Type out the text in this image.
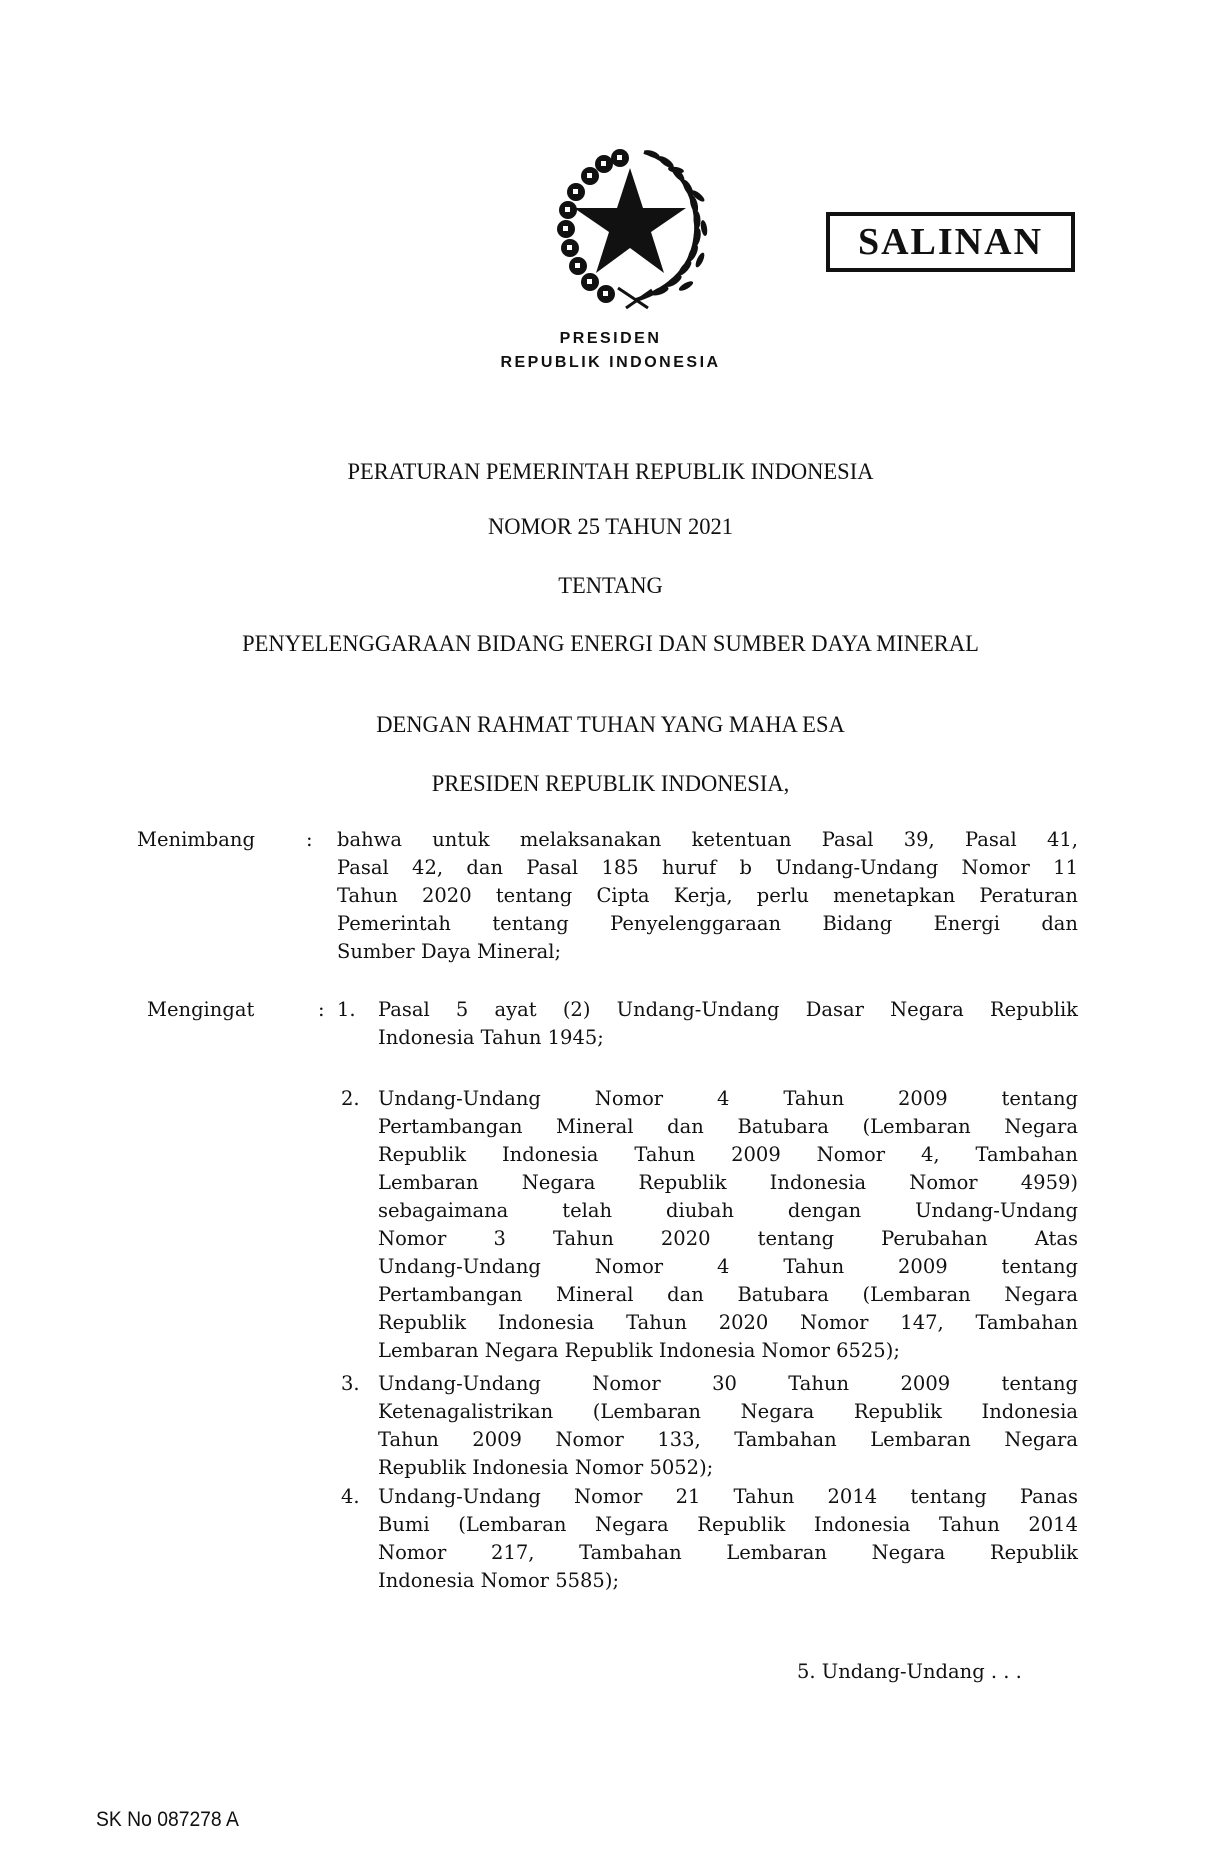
SALINAN
PRESIDEN
REPUBLIK INDONESIA
PERATURAN PEMERINTAH REPUBLIK INDONESIA
NOMOR 25 TAHUN 2021
TENTANG
PENYELENGGARAAN BIDANG ENERGI DAN SUMBER DAYA MINERAL
DENGAN RAHMAT TUHAN YANG MAHA ESA
PRESIDEN REPUBLIK INDONESIA,
Menimbang	: bahwa untuk melaksanakan ketentuan Pasal 39, Pasal 41,
Pasal 42, dan Pasal 185 huruf b Undang-Undang Nomor 11
Tahun 2020 tentang Cipta Kerja, perlu menetapkan Peraturan
Pemerintah tentang Penyelenggaraan Bidang Energi dan
Sumber Daya Mineral;
Mengingat	: 1. Pasal 5 ayat (2) Undang-Undang Dasar Negara Republik
Indonesia Tahun 1945;
2. Undang-Undang Nomor 4 Tahun 2009 tentang
Pertambangan Mineral dan Batubara (Lembaran Negara
Republik Indonesia Tahun 2009 Nomor 4, Tambahan
Lembaran Negara Republik Indonesia Nomor 4959)
sebagaimana telah diubah dengan Undang-Undang
Nomor 3 Tahun 2020 tentang Perubahan Atas
Undang-Undang Nomor 4 Tahun 2009 tentang
Pertambangan Mineral dan Batubara (Lembaran Negara
Republik Indonesia Tahun 2020 Nomor 147, Tambahan
Lembaran Negara Republik Indonesia Nomor 6525);
3. Undang-Undang Nomor 30 Tahun 2009 tentang
Ketenagalistrikan (Lembaran Negara Republik Indonesia
Tahun 2009 Nomor 133, Tambahan Lembaran Negara
Republik Indonesia Nomor 5052);
4. Undang-Undang Nomor 21 Tahun 2014 tentang Panas
Bumi (Lembaran Negara Republik Indonesia Tahun 2014
Nomor 217, Tambahan Lembaran Negara Republik
Indonesia Nomor 5585);
5. Undang-Undang . . .
SK No 087278 A
